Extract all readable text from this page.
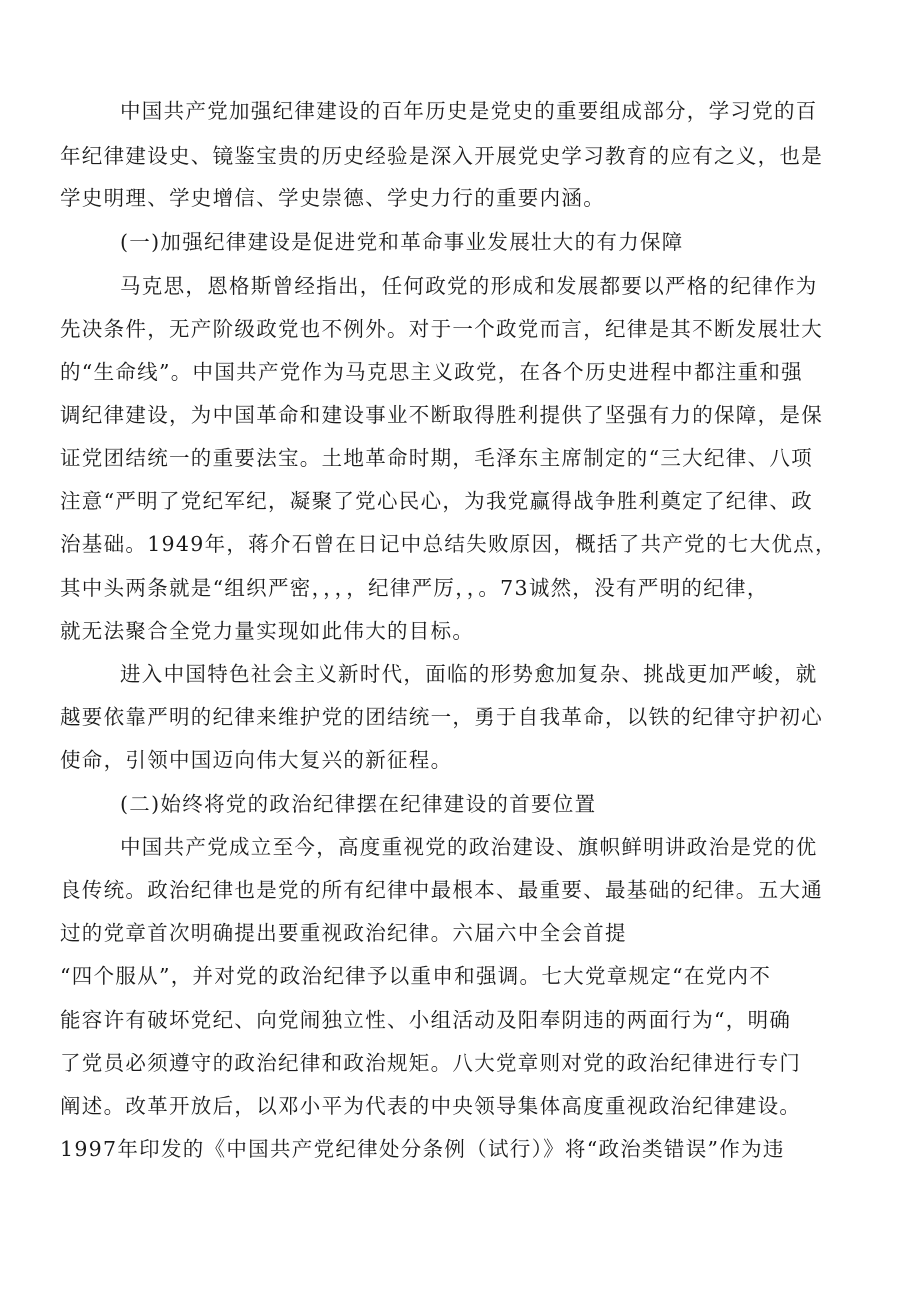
中国共产党加强纪律建设的百年历史是党史的重要组成部分，学习党的百
年纪律建设史、镜鉴宝贵的历史经验是深入开展党史学习教育的应有之义，也是
学史明理、学史增信、学史崇德、学史力行的重要内涵。
(一)加强纪律建设是促进党和革命事业发展壮大的有力保障
马克思，恩格斯曾经指出，任何政党的形成和发展都要以严格的纪律作为
先决条件，无产阶级政党也不例外。对于一个政党而言，纪律是其不断发展壮大
的“生命线”。中国共产党作为马克思主义政党，在各个历史进程中都注重和强
调纪律建设，为中国革命和建设事业不断取得胜利提供了坚强有力的保障，是保
证党团结统一的重要法宝。土地革命时期，毛泽东主席制定的“三大纪律、八项
注意“严明了党纪军纪，凝聚了党心民心，为我党赢得战争胜利奠定了纪律、政
治基础。1949年，蒋介石曾在日记中总结失败原因，概括了共产党的七大优点，
其中头两条就是“组织严密，，，，纪律严厉，，。73诚然，没有严明的纪律，
就无法聚合全党力量实现如此伟大的目标。
进入中国特色社会主义新时代，面临的形势愈加复杂、挑战更加严峻，就
越要依靠严明的纪律来维护党的团结统一，勇于自我革命，以铁的纪律守护初心
使命，引领中国迈向伟大复兴的新征程。
(二)始终将党的政治纪律摆在纪律建设的首要位置
中国共产党成立至今，高度重视党的政治建设、旗帜鲜明讲政治是党的优
良传统。政治纪律也是党的所有纪律中最根本、最重要、最基础的纪律。五大通
过的党章首次明确提出要重视政治纪律。六届六中全会首提
“四个服从”，并对党的政治纪律予以重申和强调。七大党章规定“在党内不
能容许有破坏党纪、向党闹独立性、小组活动及阳奉阴违的两面行为“，明确
了党员必须遵守的政治纪律和政治规矩。八大党章则对党的政治纪律进行专门
阐述。改革开放后，以邓小平为代表的中央领导集体高度重视政治纪律建设。
1997年印发的《中国共产党纪律处分条例（试行）》将“政治类错误”作为违
